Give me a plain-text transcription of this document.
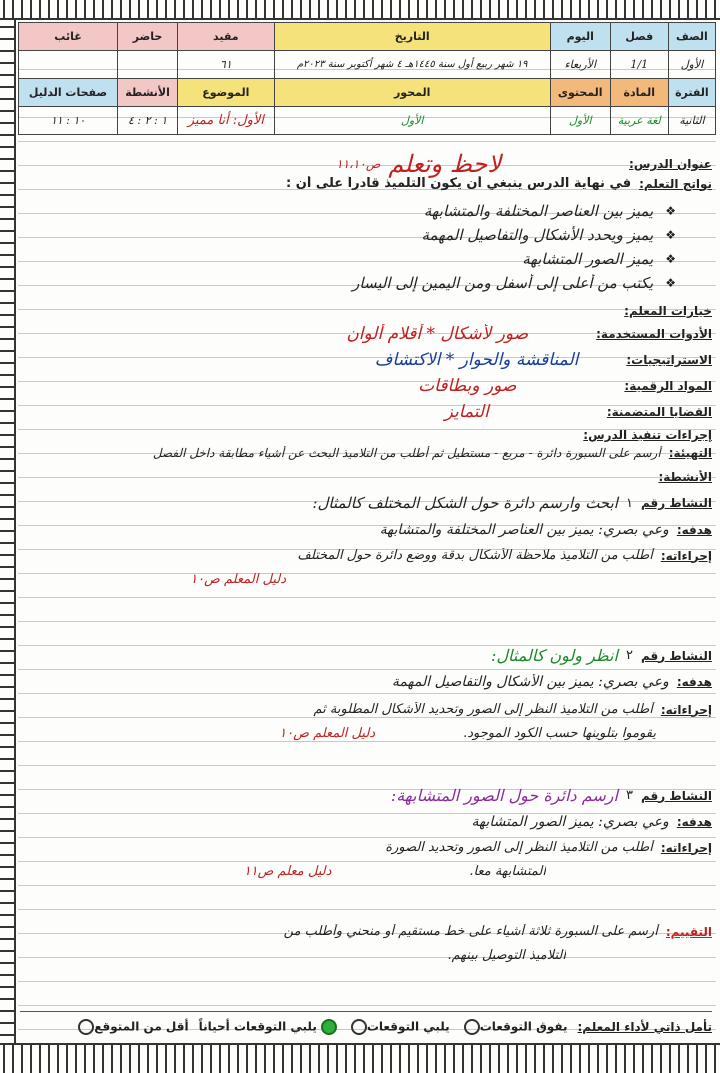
الصف	فصل	اليوم	التاريخ	مقيد	حاضر	غائب
الأول	1/1	الأربعاء	١٩ شهر ربيع أول سنة ١٤٤٥هـ ٤ شهر أكتوبر سنة ٢٠٢٣م	٦١		
الفترة	المادة	المحتوى	المحور	الموضوع	الأنشطة	صفحات الدليل
الثانية	لغة عربية	الأول	الأول	الأول: أنا مميز	١ : ٢ : ٤	١٠ : ١١
عنوان الدرس:
لاحظ وتعلم
ص١١،١٠
نواتج التعلم:
في نهاية الدرس ينبغي أن يكون التلميذ قادراً على أن :
❖
يميز بين العناصر المختلفة والمتشابهة
❖
يميز ويحدد الأشكال والتفاصيل المهمة
❖
يميز الصور المتشابهة
❖
يكتب من أعلى إلى أسفل ومن اليمين إلى اليسار
خيارات المعلم:
الأدوات المستخدمة:
صور لأشكال * أقلام ألوان
الاستراتيجيات:
المناقشة والحوار * الاكتشاف
المواد الرقمية:
صور وبطاقات
القضايا المتضمنة:
التمايز
إجراءات تنفيذ الدرس:
التهيئة:
أرسم على السبورة دائرة - مربع - مستطيل ثم أطلب من التلاميذ البحث عن أشياء مطابقة داخل الفصل
الأنشطة:
النشاط رقم
١
ابحث وارسم دائرة حول الشكل المختلف كالمثال:
هدفه:
وعي بصري: يميز بين العناصر المختلفة والمتشابهة
إجراءاته:
أطلب من التلاميذ ملاحظة الأشكال بدقة ووضع دائرة حول المختلف
دليل المعلم ص١٠
النشاط رقم
٢
انظر ولون كالمثال:
هدفه:
وعي بصري: يميز بين الأشكال والتفاصيل المهمة
إجراءاته:
أطلب من التلاميذ النظر إلى الصور وتحديد الأشكال المطلوبة ثم
يقوموا بتلوينها حسب الكود الموجود.
دليل المعلم ص١٠
النشاط رقم
٣
ارسم دائرة حول الصور المتشابهة:
هدفه:
وعي بصري: يميز الصور المتشابهة
إجراءاته:
أطلب من التلاميذ النظر إلى الصور وتحديد الصورة
المتشابهة معاً.
دليل معلم ص١١
التقييم:
أرسم على السبورة ثلاثة أشياء على خط مستقيم أو منحني وأطلب من
التلاميذ التوصيل بينهم.
تأمل ذاتي لأداء المعلم:
يفوق التوقعات
يلبي التوقعات
يلبي التوقعات أحياناً
أقل من المتوقع
